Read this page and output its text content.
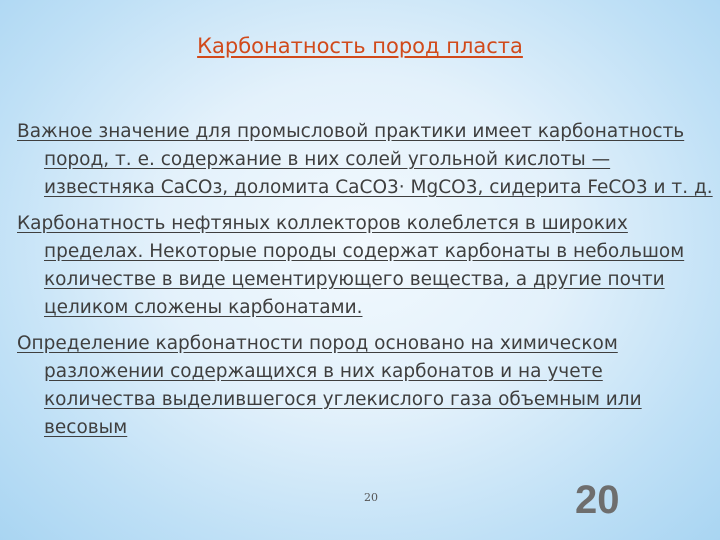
Карбонатность пород пласта

Важное значение для промысловой практики имеет карбонатность пород, т. е. содержание в них солей угольной кислоты — известняка СаСОз, доломита СаСО3· MgCO3, сидерита FeCO3 и т. д.

Карбонатность нефтяных коллекторов колеблется в широких пределах. Некоторые породы содержат карбонаты в небольшом количестве в виде цементирующего вещества, а другие почти целиком сложены карбонатами.

Определение карбонатности пород основано на химическом разложении содержащихся в них карбонатов и на учете количества выделившегося углекислого газа объемным или весовым

20	20
